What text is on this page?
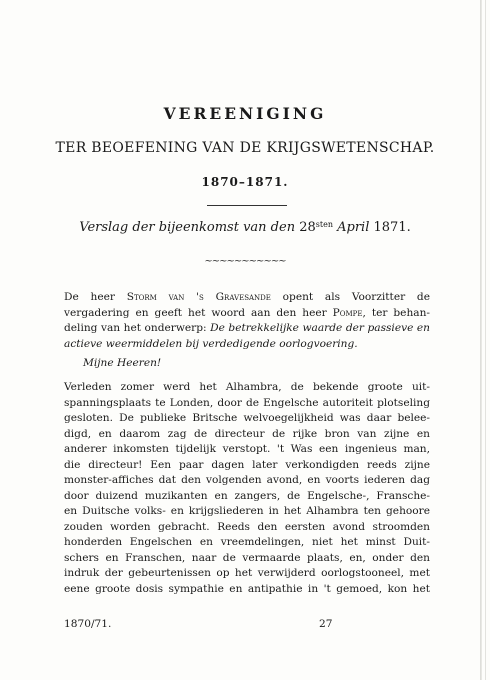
VEREENIGING
TER BEOEFENING VAN DE KRIJGSWETENSCHAP.
1870–1871.
Verslag der bijeenkomst van den $28^{sten}$ April 1871.
~~~~~~~~~~~
De heer Storm van 's Gravesande opent als Voorzitter de
vergadering en geeft het woord aan den heer Pompe, ter behan-
deling van het onderwerp: De betrekkelijke waarde der passieve en
actieve weermiddelen bij verdedigende oorlogvoering.
Mijne Heeren!
Verleden zomer werd het Alhambra, de bekende groote uit-
spanningsplaats te Londen, door de Engelsche autoriteit plotseling
gesloten. De publieke Britsche welvoegelijkheid was daar belee-
digd, en daarom zag de directeur de rijke bron van zijne en
anderer inkomsten tijdelijk verstopt. 't Was een ingenieus man,
die directeur! Een paar dagen later verkondigden reeds zijne
monster-affiches dat den volgenden avond, en voorts iederen dag
door duizend muzikanten en zangers, de Engelsche-, Fransche-
en Duitsche volks- en krijgsliederen in het Alhambra ten gehoore
zouden worden gebracht. Reeds den eersten avond stroomden
honderden Engelschen en vreemdelingen, niet het minst Duit-
schers en Franschen, naar de vermaarde plaats, en, onder den
indruk der gebeurtenissen op het verwijderd oorlogstooneel, met
eene groote dosis sympathie en antipathie in 't gemoed, kon het
1870/71.	27
